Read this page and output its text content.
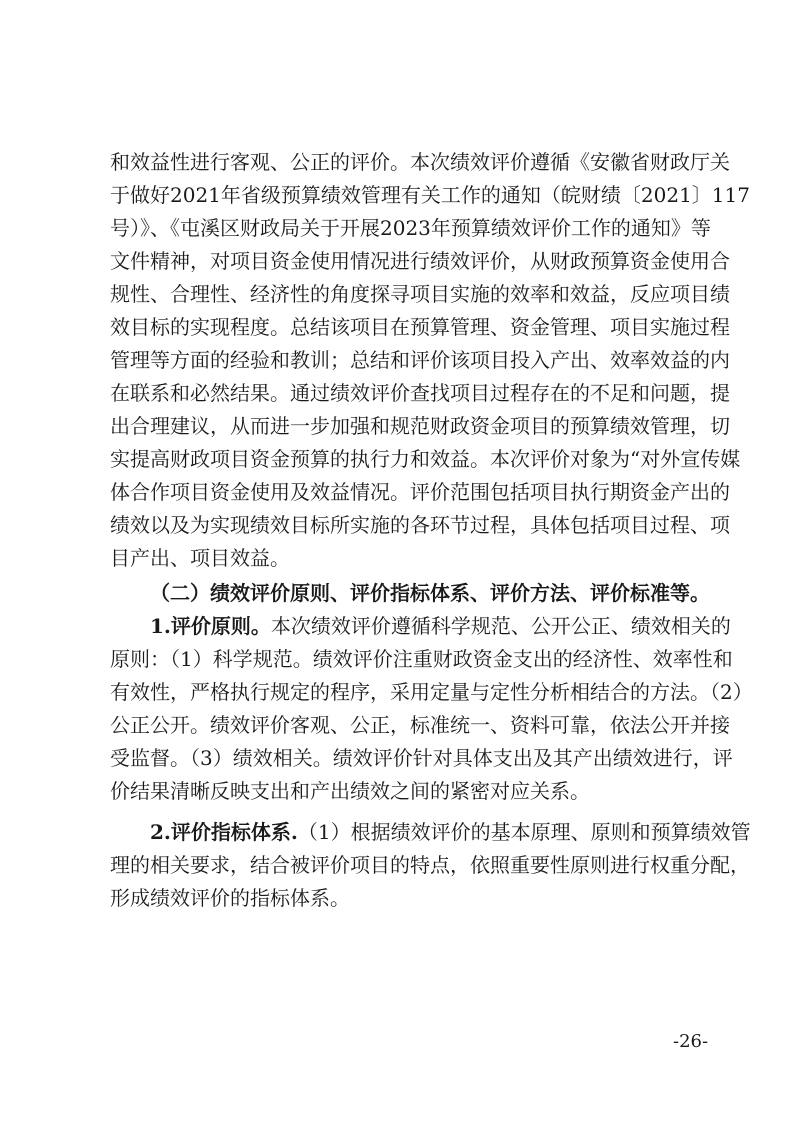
和效益性进行客观、公正的评价。本次绩效评价遵循《安徽省财政厅关
于做好2021年省级预算绩效管理有关工作的通知（皖财绩〔2021〕117
号）》、《屯溪区财政局关于开展2023年预算绩效评价工作的通知》等
文件精神，对项目资金使用情况进行绩效评价，从财政预算资金使用合
规性、合理性、经济性的角度探寻项目实施的效率和效益，反应项目绩
效目标的实现程度。总结该项目在预算管理、资金管理、项目实施过程
管理等方面的经验和教训；总结和评价该项目投入产出、效率效益的内
在联系和必然结果。通过绩效评价查找项目过程存在的不足和问题，提
出合理建议，从而进一步加强和规范财政资金项目的预算绩效管理，切
实提高财政项目资金预算的执行力和效益。本次评价对象为“对外宣传媒
体合作项目资金使用及效益情况。评价范围包括项目执行期资金产出的
绩效以及为实现绩效目标所实施的各环节过程，具体包括项目过程、项
目产出、项目效益。
（二）绩效评价原则、评价指标体系、评价方法、评价标准等。
1.评价原则。本次绩效评价遵循科学规范、公开公正、绩效相关的
原则：（1）科学规范。绩效评价注重财政资金支出的经济性、效率性和
有效性，严格执行规定的程序，采用定量与定性分析相结合的方法。（2）
公正公开。绩效评价客观、公正，标准统一、资料可靠，依法公开并接
受监督。（3）绩效相关。绩效评价针对具体支出及其产出绩效进行，评
价结果清晰反映支出和产出绩效之间的紧密对应关系。
2.评价指标体系.（1）根据绩效评价的基本原理、原则和预算绩效管
理的相关要求，结合被评价项目的特点，依照重要性原则进行权重分配，
形成绩效评价的指标体系。
-26-
